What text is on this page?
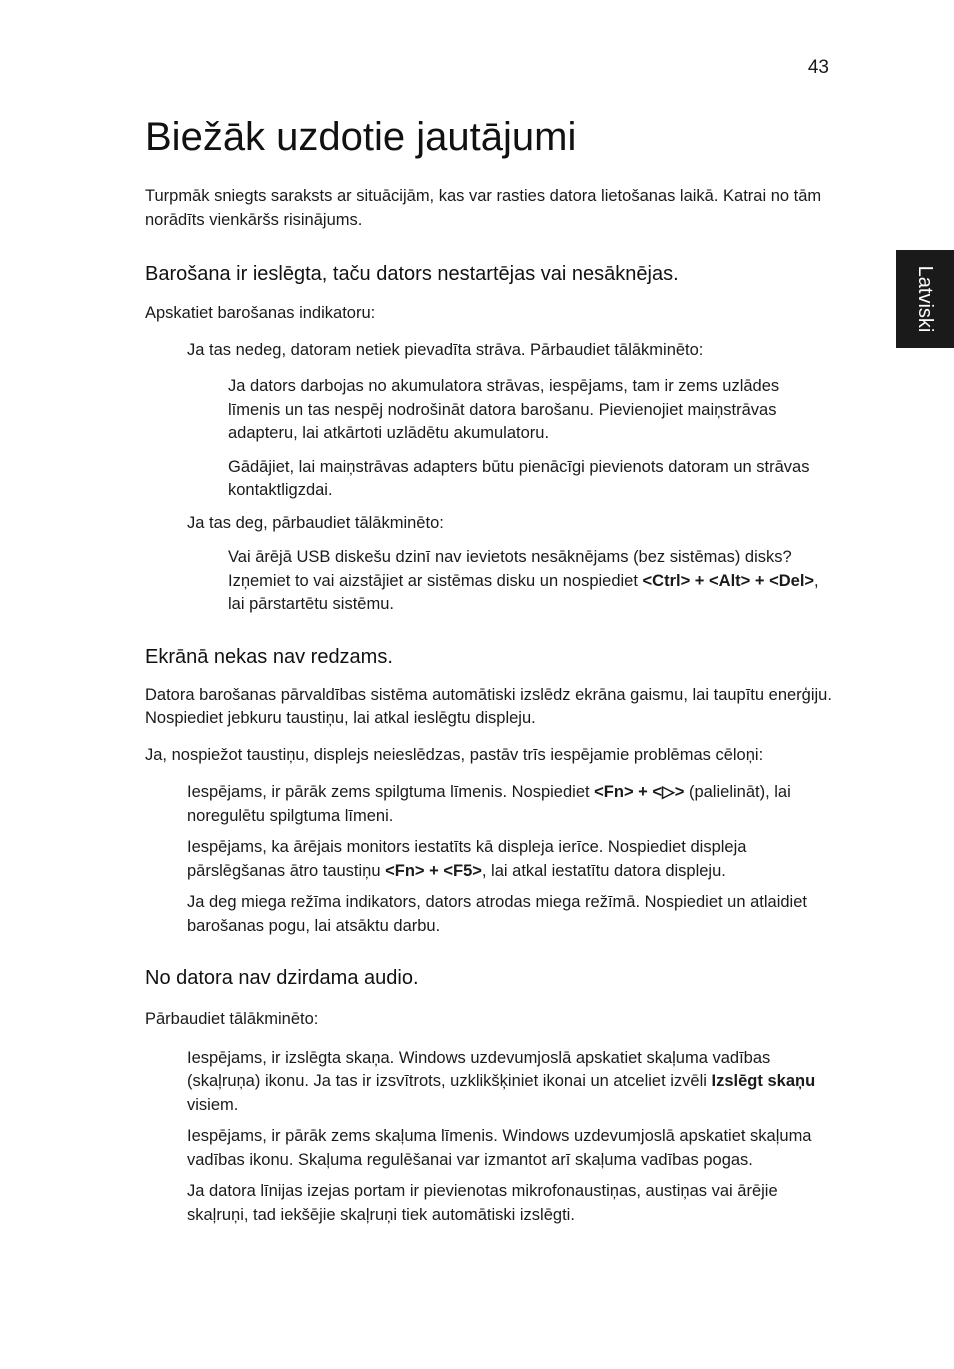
43
Latviski
Biežāk uzdotie jautājumi

Turpmāk sniegts saraksts ar situācijām, kas var rasties datora lietošanas laikā. Katrai no tām norādīts vienkāršs risinājums.

Barošana ir ieslēgta, taču dators nestartējas vai nesāknējas.

Apskatiet barošanas indikatoru:

Ja tas nedeg, datoram netiek pievadīta strāva. Pārbaudiet tālākminēto:

Ja dators darbojas no akumulatora strāvas, iespējams, tam ir zems uzlādes līmenis un tas nespēj nodrošināt datora barošanu. Pievienojiet maiņstrāvas adapteru, lai atkārtoti uzlādētu akumulatoru.

Gādājiet, lai maiņstrāvas adapters būtu pienācīgi pievienots datoram un strāvas kontaktligzdai.

Ja tas deg, pārbaudiet tālākminēto:

Vai ārējā USB diskešu dzinī nav ievietots nesāknējams (bez sistēmas) disks? Izņemiet to vai aizstājiet ar sistēmas disku un nospiediet <Ctrl> + <Alt> + <Del>, lai pārstartētu sistēmu.

Ekrānā nekas nav redzams.

Datora barošanas pārvaldības sistēma automātiski izslēdz ekrāna gaismu, lai taupītu enerģiju. Nospiediet jebkuru taustiņu, lai atkal ieslēgtu displeju.

Ja, nospiežot taustiņu, displejs neieslēdzas, pastāv trīs iespējamie problēmas cēloņi:

Iespējams, ir pārāk zems spilgtuma līmenis. Nospiediet <Fn> + <▷> (palielināt), lai noregulētu spilgtuma līmeni.

Iespējams, ka ārējais monitors iestatīts kā displeja ierīce. Nospiediet displeja pārslēgšanas ātro taustiņu <Fn> + <F5>, lai atkal iestatītu datora displeju.

Ja deg miega režīma indikators, dators atrodas miega režīmā. Nospiediet un atlaidiet barošanas pogu, lai atsāktu darbu.

No datora nav dzirdama audio.

Pārbaudiet tālākminēto:

Iespējams, ir izslēgta skaņa. Windows uzdevumjoslā apskatiet skaļuma vadības (skaļruņa) ikonu. Ja tas ir izsvītrots, uzklikšķiniet ikonai un atceliet izvēli Izslēgt skaņu visiem.

Iespējams, ir pārāk zems skaļuma līmenis. Windows uzdevumjoslā apskatiet skaļuma vadības ikonu. Skaļuma regulēšanai var izmantot arī skaļuma vadības pogas.

Ja datora līnijas izejas portam ir pievienotas mikrofonaustiņas, austiņas vai ārējie skaļruņi, tad iekšējie skaļruņi tiek automātiski izslēgti.
